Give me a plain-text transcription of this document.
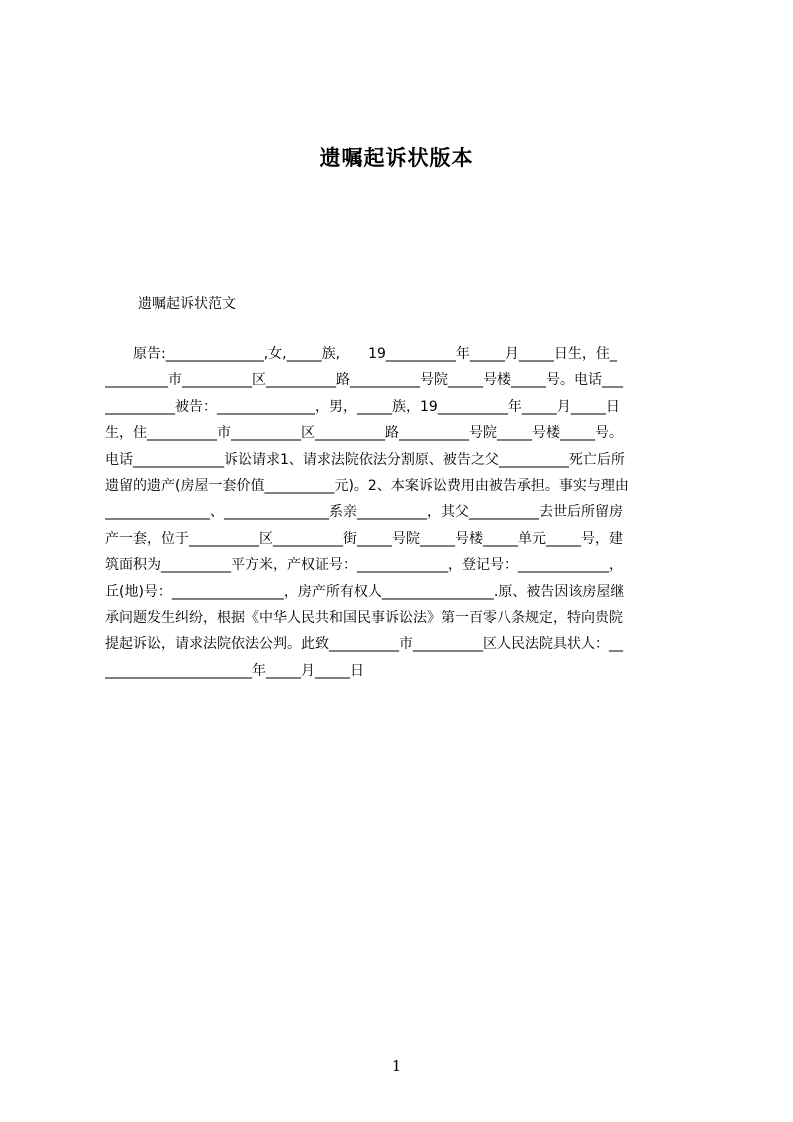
遗嘱起诉状版本
遗嘱起诉状范文
　　原告:______________,女,_____族,　　19__________年_____月_____日生，住_
_________市__________区__________路__________号院_____号楼_____号。电话___
__________被告：______________，男，_____族，19__________年_____月_____日
生，住__________市__________区__________路__________号院_____号楼_____号。
电话_____________诉讼请求1、请求法院依法分割原、被告之父__________死亡后所
遗留的遗产(房屋一套价值__________元)。2、本案诉讼费用由被告承担。事实与理由
_______________、_______________系亲__________，其父__________去世后所留房
产一套，位于__________区__________街_____号院_____号楼_____单元_____号，建
筑面积为__________平方米，产权证号：_____________，登记号：_____________，
丘(地)号：________________，房产所有权人________________.原、被告因该房屋继
承问题发生纠纷，根据《中华人民共和国民事诉讼法》第一百零八条规定，特向贵院
提起诉讼，请求法院依法公判。此致__________市__________区人民法院具状人：__
_____________________年_____月_____日
1
